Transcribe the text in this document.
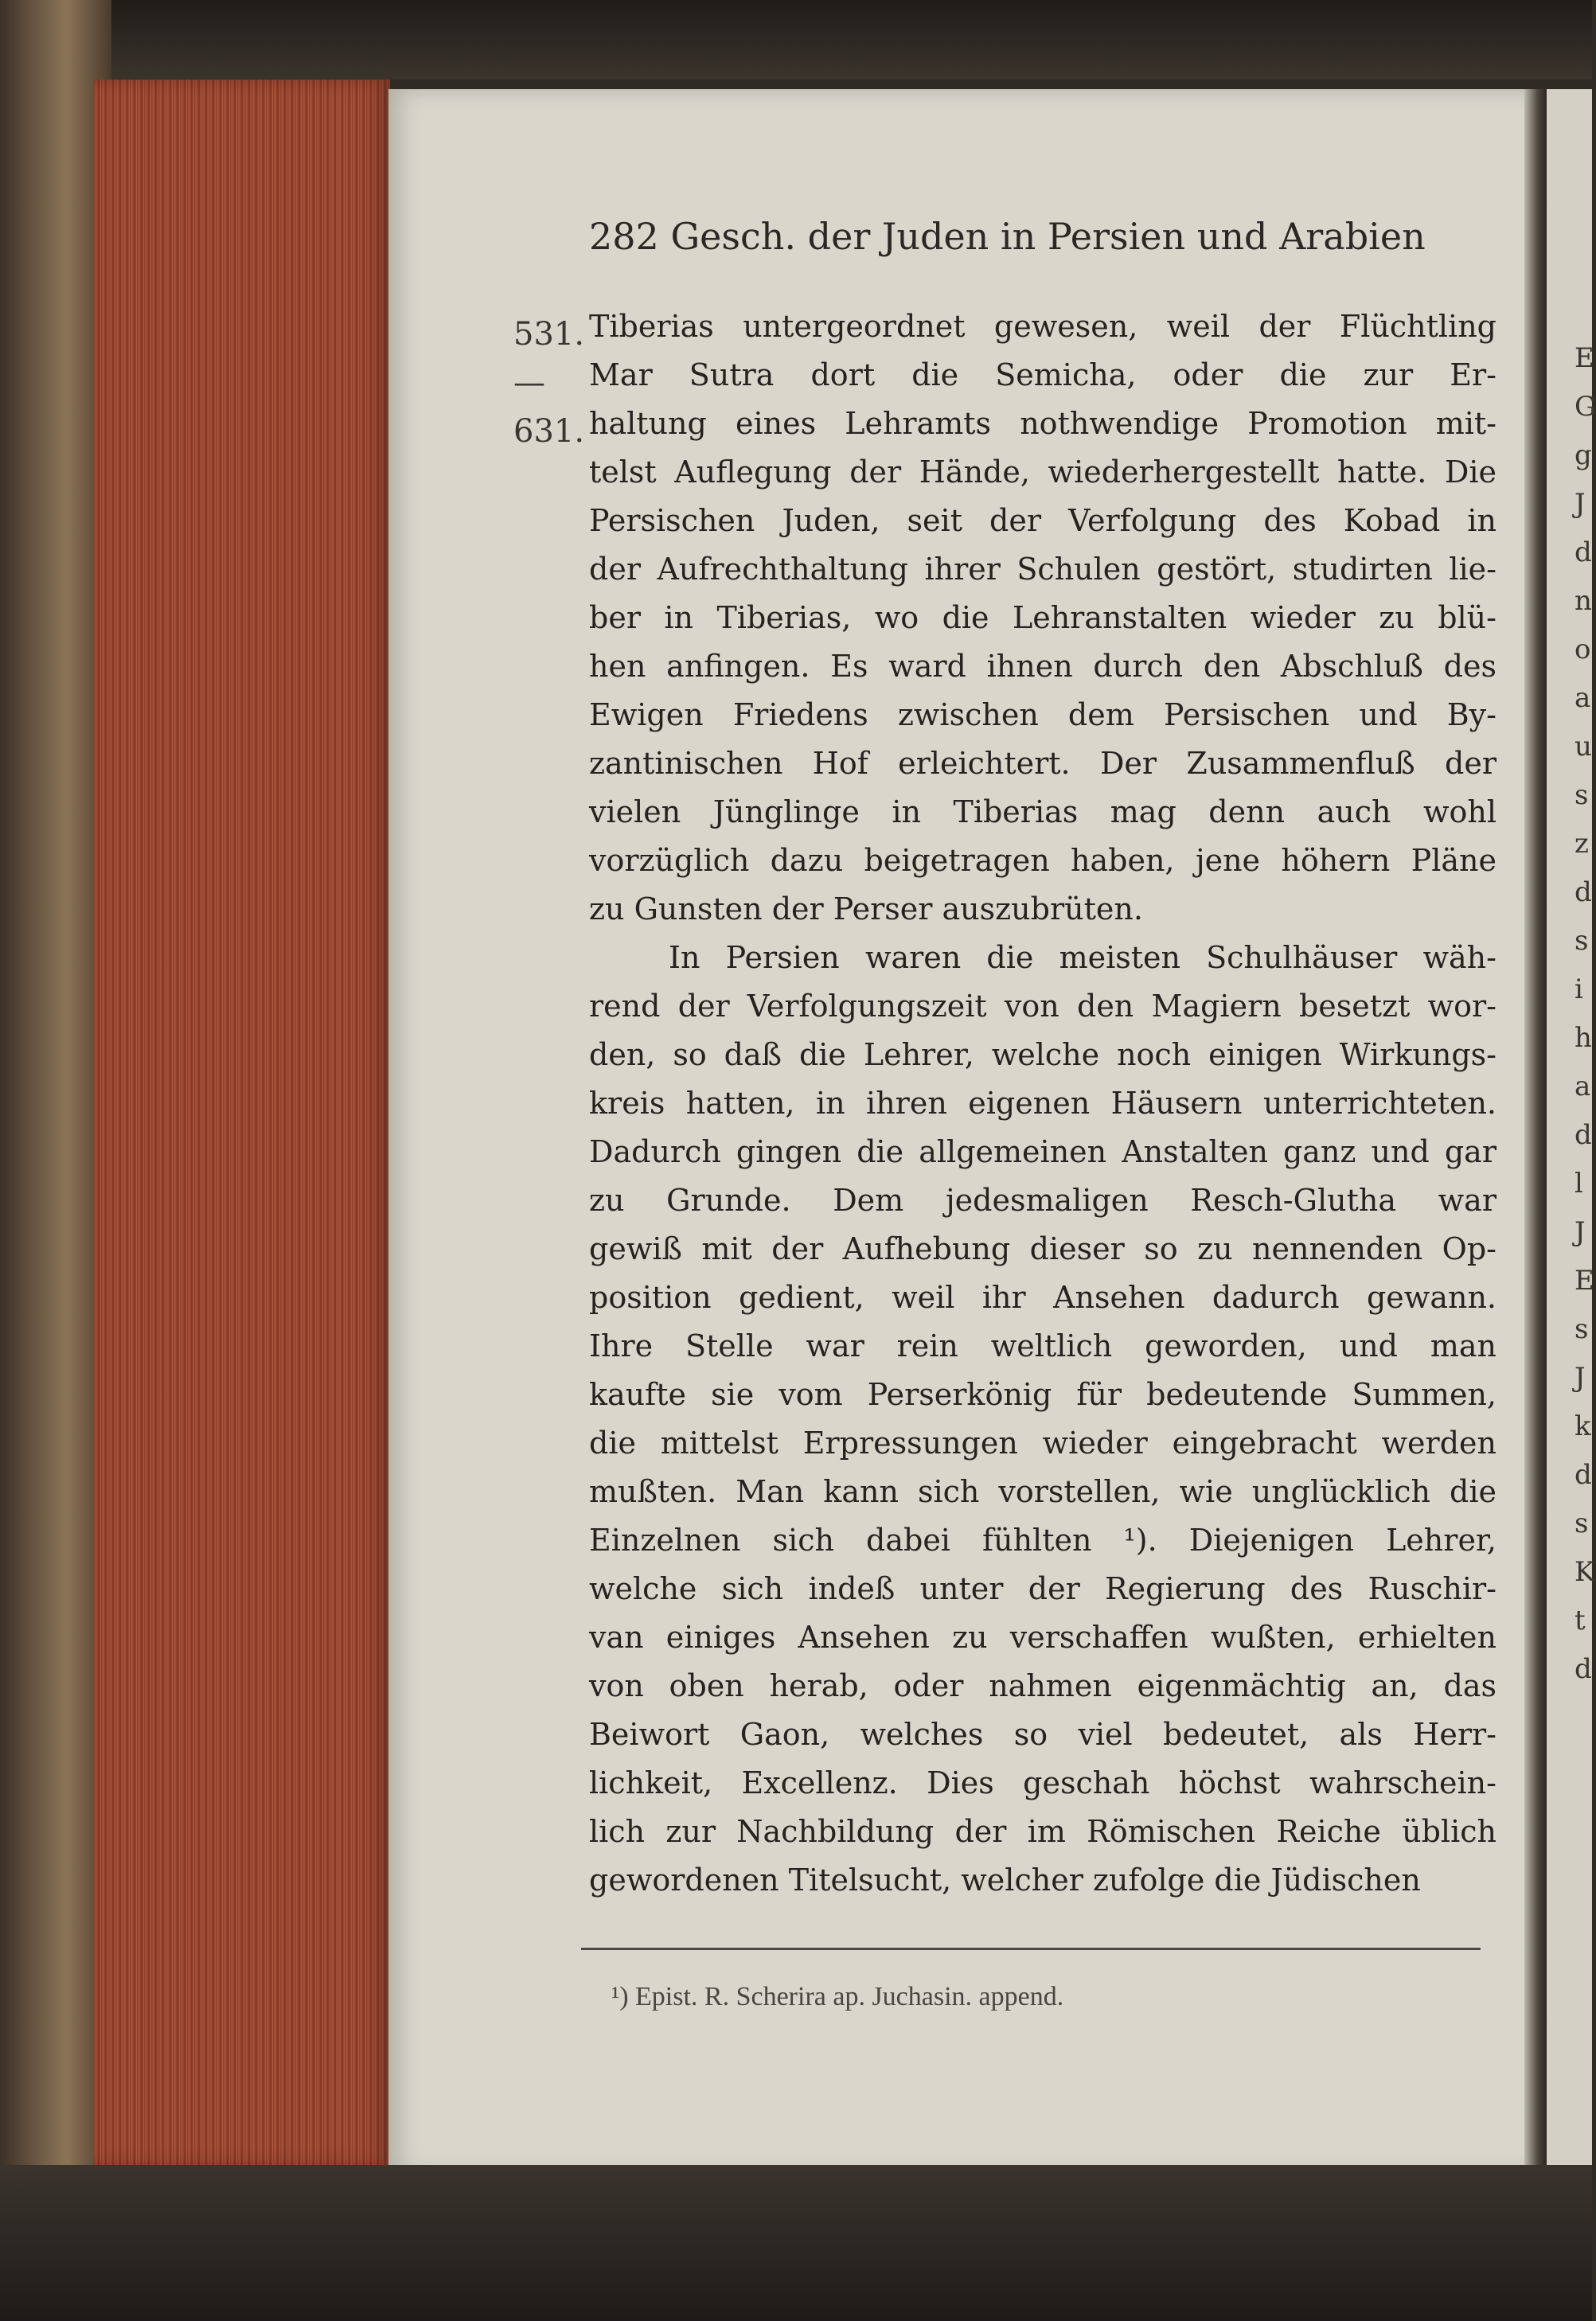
282 Gesch. der Juden in Persien und Arabien
531.
—
631.
Tiberias untergeordnet gewesen, weil der Flüchtling
Mar Sutra dort die Semicha, oder die zur Er-
haltung eines Lehramts nothwendige Promotion mit-
telst Auflegung der Hände, wiederhergestellt hatte. Die
Persischen Juden, seit der Verfolgung des Kobad in
der Aufrechthaltung ihrer Schulen gestört, studirten lie-
ber in Tiberias, wo die Lehranstalten wieder zu blü-
hen anfingen. Es ward ihnen durch den Abschluß des
Ewigen Friedens zwischen dem Persischen und By-
zantinischen Hof erleichtert. Der Zusammenfluß der
vielen Jünglinge in Tiberias mag denn auch wohl
vorzüglich dazu beigetragen haben, jene höhern Pläne
zu Gunsten der Perser auszubrüten.
In Persien waren die meisten Schulhäuser wäh-
rend der Verfolgungszeit von den Magiern besetzt wor-
den, so daß die Lehrer, welche noch einigen Wirkungs-
kreis hatten, in ihren eigenen Häusern unterrichteten.
Dadurch gingen die allgemeinen Anstalten ganz und gar
zu Grunde. Dem jedesmaligen Resch-Glutha war
gewiß mit der Aufhebung dieser so zu nennenden Op-
position gedient, weil ihr Ansehen dadurch gewann.
Ihre Stelle war rein weltlich geworden, und man
kaufte sie vom Perserkönig für bedeutende Summen,
die mittelst Erpressungen wieder eingebracht werden
mußten. Man kann sich vorstellen, wie unglücklich die
Einzelnen sich dabei fühlten ¹). Diejenigen Lehrer,
welche sich indeß unter der Regierung des Ruschir-
van einiges Ansehen zu verschaffen wußten, erhielten
von oben herab, oder nahmen eigenmächtig an, das
Beiwort Gaon, welches so viel bedeutet, als Herr-
lichkeit, Excellenz. Dies geschah höchst wahrschein-
lich zur Nachbildung der im Römischen Reiche üblich
gewordenen Titelsucht, welcher zufolge die Jüdischen
¹) Epist. R. Scherira ap. Juchasin. append.
E
G
g
J
d
n
o
a
u
s
z
d
s
i
h
a
d
l
J
E
s
J
k
d
s
K
t
d
